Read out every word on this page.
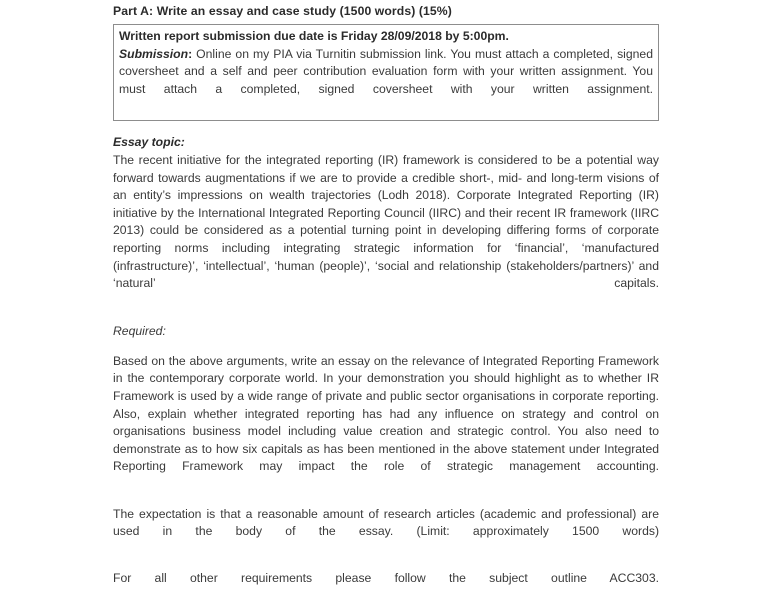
Part A: Write an essay and case study (1500 words) (15%)
Written report submission due date is Friday 28/09/2018 by 5:00pm.

Submission: Online on my PIA via Turnitin submission link. You must attach a completed, signed coversheet and a self and peer contribution evaluation form with your written assignment. You must attach a completed, signed coversheet with your written assignment.

Essay topic:

The recent initiative for the integrated reporting (IR) framework is considered to be a potential way forward towards augmentations if we are to provide a credible short-, mid- and long-term visions of an entity’s impressions on wealth trajectories (Lodh 2018). Corporate Integrated Reporting (IR) initiative by the International Integrated Reporting Council (IIRC) and their recent IR framework (IIRC 2013) could be considered as a potential turning point in developing differing forms of corporate reporting norms including integrating strategic information for ‘financial’, ‘manufactured (infrastructure)’, ‘intellectual’, ‘human (people)’, ‘social and relationship (stakeholders/partners)’ and ‘natural’ capitals.

Required:

Based on the above arguments, write an essay on the relevance of Integrated Reporting Framework in the contemporary corporate world. In your demonstration you should highlight as to whether IR Framework is used by a wide range of private and public sector organisations in corporate reporting. Also, explain whether integrated reporting has had any influence on strategy and control on organisations business model including value creation and strategic control. You also need to demonstrate as to how six capitals as has been mentioned in the above statement under Integrated Reporting Framework may impact the role of strategic management accounting.

The expectation is that a reasonable amount of research articles (academic and professional) are used in the body of the essay. (Limit: approximately 1500 words)

For all other requirements please follow the subject outline ACC303.
